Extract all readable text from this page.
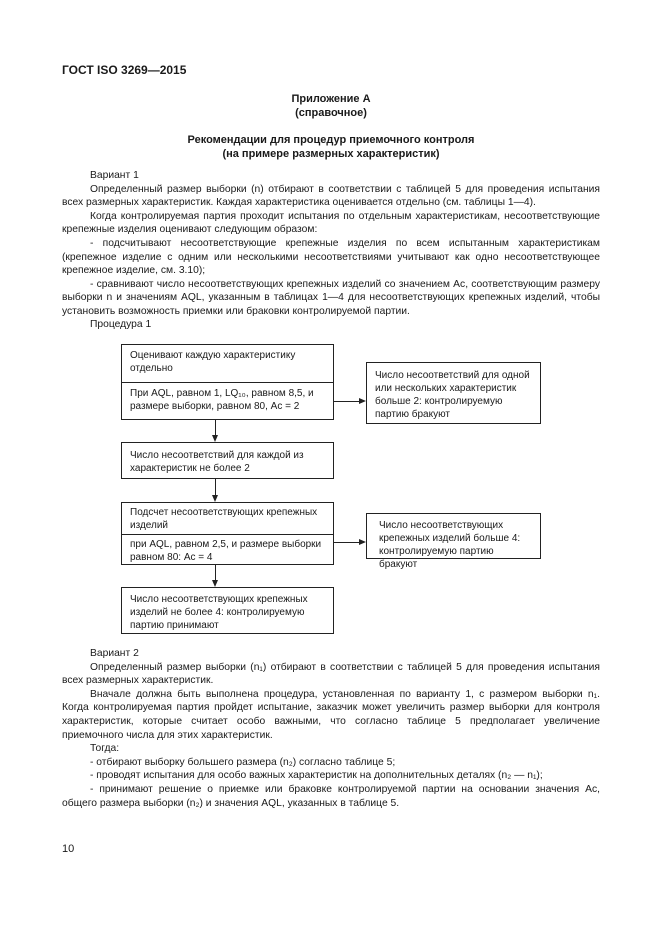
ГОСТ ISO 3269—2015
Приложение А
(справочное)
Рекомендации для процедур приемочного контроля
(на примере размерных характеристик)

Вариант 1

Определенный размер выборки (n) отбирают в соответствии с таблицей 5 для проведения испытания всех размерных характеристик. Каждая характеристика оценивается отдельно (см. таблицы 1—4).

Когда контролируемая партия проходит испытания по отдельным характеристикам, несоответствующие крепежные изделия оценивают следующим образом:

- подсчитывают несоответствующие крепежные изделия по всем испытанным характеристикам (крепежное изделие с одним или несколькими несоответствиями учитывают как одно несоответствующее крепежное изделие, см. 3.10);

- сравнивают число несоответствующих крепежных изделий со значением Ас, соответствующим размеру выборки n и значениям AQL, указанным в таблицах 1—4 для несоответствующих крепежных изделий, чтобы установить возможность приемки или браковки контролируемой партии.

Процедура 1

Оценивают каждую характеристику отдельно
При AQL, равном 1, LQ₁₀, равном 8,5, и размере выборки, равном 80, Ас = 2
Число несоответствий для одной или нескольких характеристик больше 2: контролируемую партию бракуют
Число несоответствий для каждой из характеристик не более 2
Подсчет несоответствующих крепежных изделий
при AQL, равном 2,5, и размере выборки равном 80: Ас = 4
Число несоответствующих крепежных изделий больше 4: контролируемую партию бракуют
Число несоответствующих крепежных изделий не более 4: контролируемую партию принимают

Вариант 2

Определенный размер выборки (n₁) отбирают в соответствии с таблицей 5 для проведения испытания всех размерных характеристик.

Вначале должна быть выполнена процедура, установленная по варианту 1, с размером выборки n₁. Когда контролируемая партия пройдет испытание, заказчик может увеличить размер выборки для контроля характеристик, которые считает особо важными, что согласно таблице 5 предполагает увеличение приемочного числа для этих характеристик.

Тогда:

- отбирают выборку большего размера (n₂) согласно таблице 5;

- проводят испытания для особо важных характеристик на дополнительных деталях (n₂ — n₁);

- принимают решение о приемке или браковке контролируемой партии на основании значения Ас, общего размера выборки (n₂) и значения AQL, указанных в таблице 5.

10
